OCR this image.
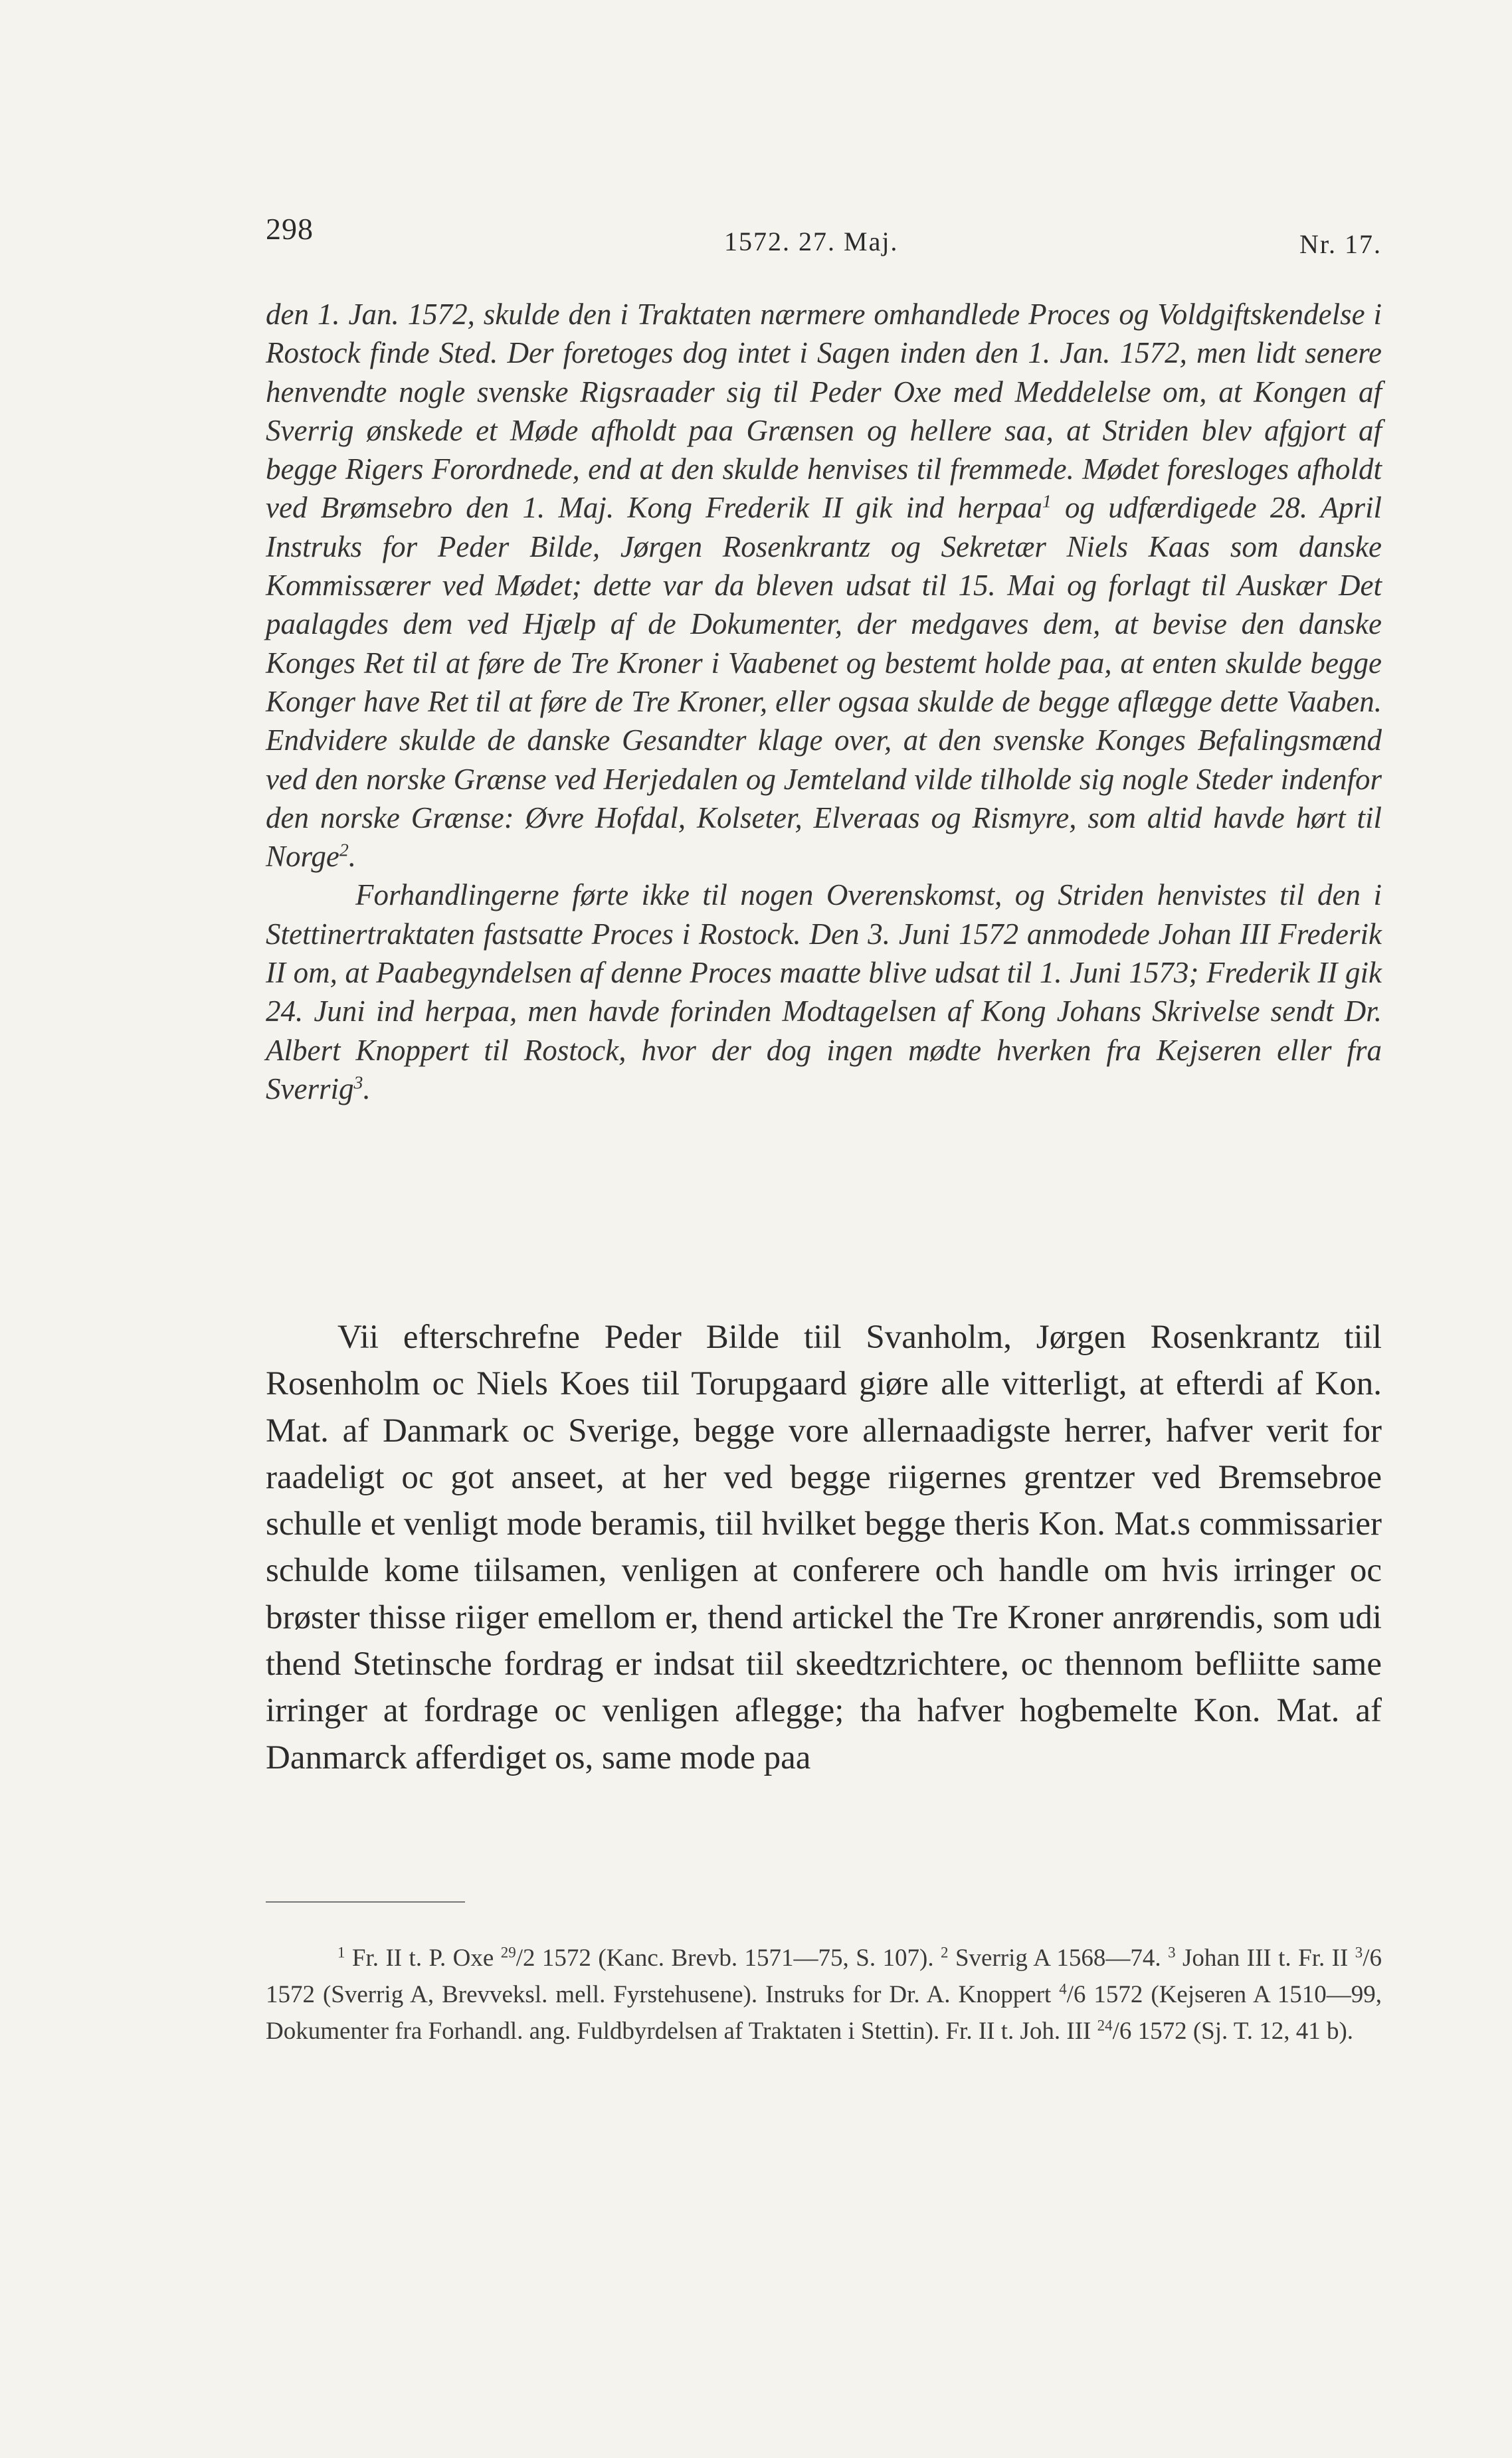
298	1572. 27. Maj.	Nr. 17.

den 1. Jan. 1572, skulde den i Traktaten nærmere omhandlede Proces og Voldgiftskendelse i Rostock finde Sted. Der foretoges dog intet i Sagen inden den 1. Jan. 1572, men lidt senere henvendte nogle svenske Rigsraader sig til Peder Oxe med Meddelelse om, at Kongen af Sverrig ønskede et Møde afholdt paa Grænsen og hellere saa, at Striden blev afgjort af begge Rigers Forordnede, end at den skulde henvises til fremmede. Mødet foresloges afholdt ved Brømsebro den 1. Maj. Kong Frederik II gik ind herpaa$^1$ og udfærdigede 28. April Instruks for Peder Bilde, Jørgen Rosenkrantz og Sekretær Niels Kaas som danske Kommissærer ved Mødet; dette var da bleven udsat til 15. Mai og forlagt til Auskær Det paalagdes dem ved Hjælp af de Dokumenter, der medgaves dem, at bevise den danske Konges Ret til at føre de Tre Kroner i Vaabenet og bestemt holde paa, at enten skulde begge Konger have Ret til at føre de Tre Kroner, eller ogsaa skulde de begge aflægge dette Vaaben. Endvidere skulde de danske Gesandter klage over, at den svenske Konges Befalingsmænd ved den norske Grænse ved Herjedalen og Jemteland vilde tilholde sig nogle Steder indenfor den norske Grænse: Øvre Hofdal, Kolseter, Elveraas og Rismyre, som altid havde hørt til Norge$^2$.

Forhandlingerne førte ikke til nogen Overenskomst, og Striden henvistes til den i Stettinertraktaten fastsatte Proces i Rostock. Den 3. Juni 1572 anmodede Johan III Frederik II om, at Paabegyndelsen af denne Proces maatte blive udsat til 1. Juni 1573; Frederik II gik 24. Juni ind herpaa, men havde forinden Modtagelsen af Kong Johans Skrivelse sendt Dr. Albert Knoppert til Rostock, hvor der dog ingen mødte hverken fra Kejseren eller fra Sverrig$^3$.

Vii efterschrefne Peder Bilde tiil Svanholm, Jørgen Rosenkrantz tiil Rosenholm oc Niels Koes tiil Torupgaard giøre alle vitterligt, at efterdi af Kon. Mat. af Danmark oc Sverige, begge vore allernaadigste herrer, hafver verit for raadeligt oc got anseet, at her ved begge riigernes grentzer ved Bremsebroe schulle et venligt mode beramis, tiil hvilket begge theris Kon. Mat.s commissarier schulde kome tiilsamen, venligen at conferere och handle om hvis irringer oc brøster thisse riiger emellom er, thend artickel the Tre Kroner anrørendis, som udi thend Stetinsche fordrag er indsat tiil skeedtzrichtere, oc thennom befliitte same irringer at fordrage oc venligen aflegge; tha hafver hogbemelte Kon. Mat. af Danmarck afferdiget os, same mode paa

$^1$ Fr. II t. P. Oxe $^{29}$/2 1572 (Kanc. Brevb. 1571—75, S. 107). $^2$ Sverrig A 1568—74. $^3$ Johan III t. Fr. II $^3$/6 1572 (Sverrig A, Brevveksl. mell. Fyrstehusene). Instruks for Dr. A. Knoppert $^4$/6 1572 (Kejseren A 1510—99, Dokumenter fra Forhandl. ang. Fuldbyrdelsen af Traktaten i Stettin). Fr. II t. Joh. III $^{24}$/6 1572 (Sj. T. 12, 41 b).
